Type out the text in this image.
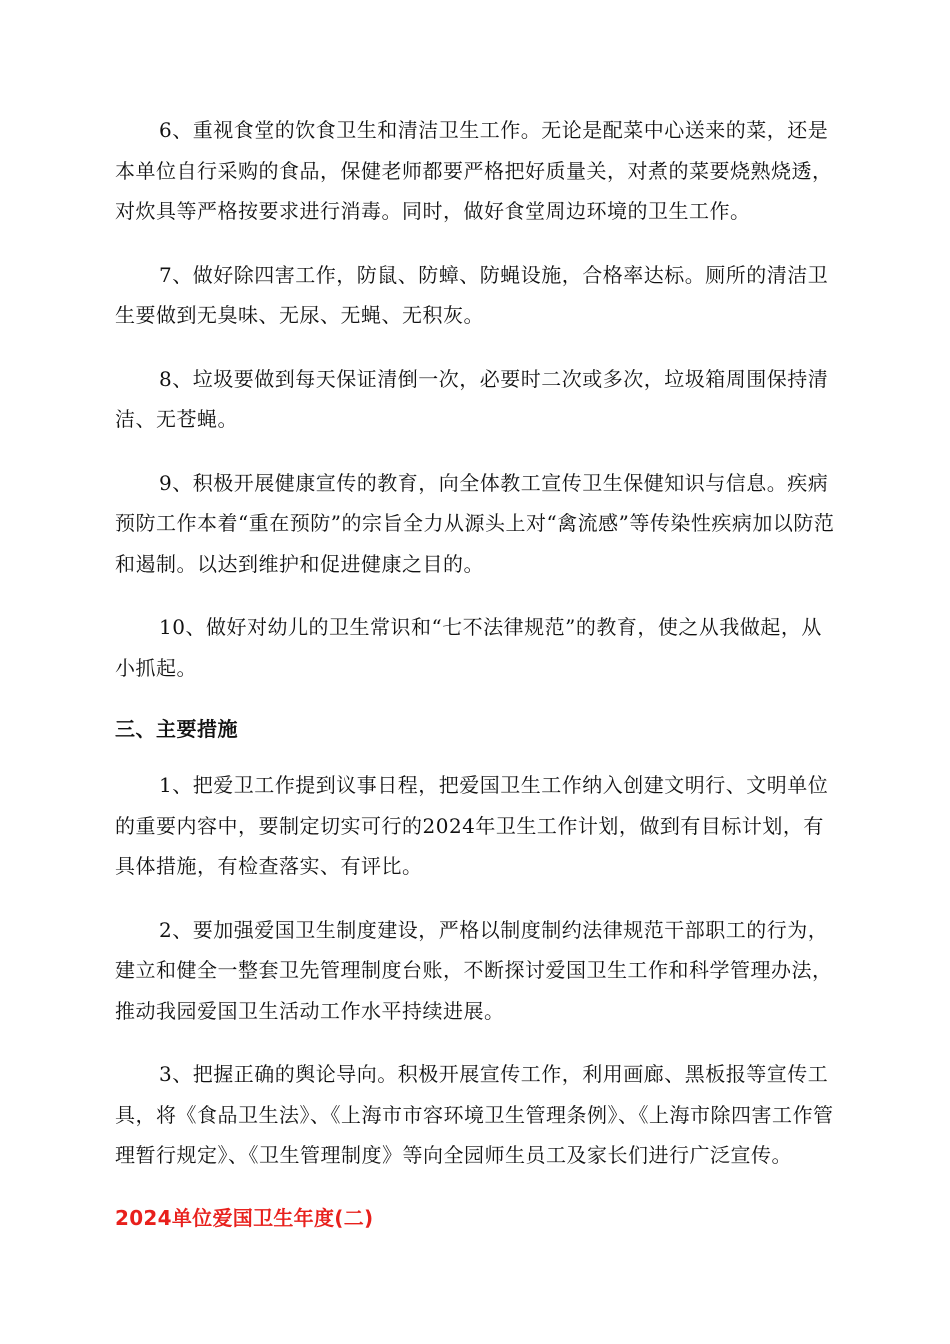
6、重视食堂的饮食卫生和清洁卫生工作。无论是配菜中心送来的菜，还是本单位自行采购的食品，保健老师都要严格把好质量关，对煮的菜要烧熟烧透，对炊具等严格按要求进行消毒。同时，做好食堂周边环境的卫生工作。

7、做好除四害工作，防鼠、防蟑、防蝇设施，合格率达标。厕所的清洁卫生要做到无臭味、无尿、无蝇、无积灰。

8、垃圾要做到每天保证清倒一次，必要时二次或多次，垃圾箱周围保持清洁、无苍蝇。

9、积极开展健康宣传的教育，向全体教工宣传卫生保健知识与信息。疾病预防工作本着“重在预防”的宗旨全力从源头上对“禽流感”等传染性疾病加以防范和遏制。以达到维护和促进健康之目的。

10、做好对幼儿的卫生常识和“七不法律规范”的教育，使之从我做起，从小抓起。

三、主要措施

1、把爱卫工作提到议事日程，把爱国卫生工作纳入创建文明行、文明单位的重要内容中，要制定切实可行的2024年卫生工作计划，做到有目标计划，有具体措施，有检查落实、有评比。

2、要加强爱国卫生制度建设，严格以制度制约法律规范干部职工的行为，建立和健全一整套卫先管理制度台账，不断探讨爱国卫生工作和科学管理办法，推动我园爱国卫生活动工作水平持续进展。

3、把握正确的舆论导向。积极开展宣传工作，利用画廊、黑板报等宣传工具，将《食品卫生法》、《上海市市容环境卫生管理条例》、《上海市除四害工作管理暂行规定》、《卫生管理制度》等向全园师生员工及家长们进行广泛宣传。

2024单位爱国卫生年度(二)
